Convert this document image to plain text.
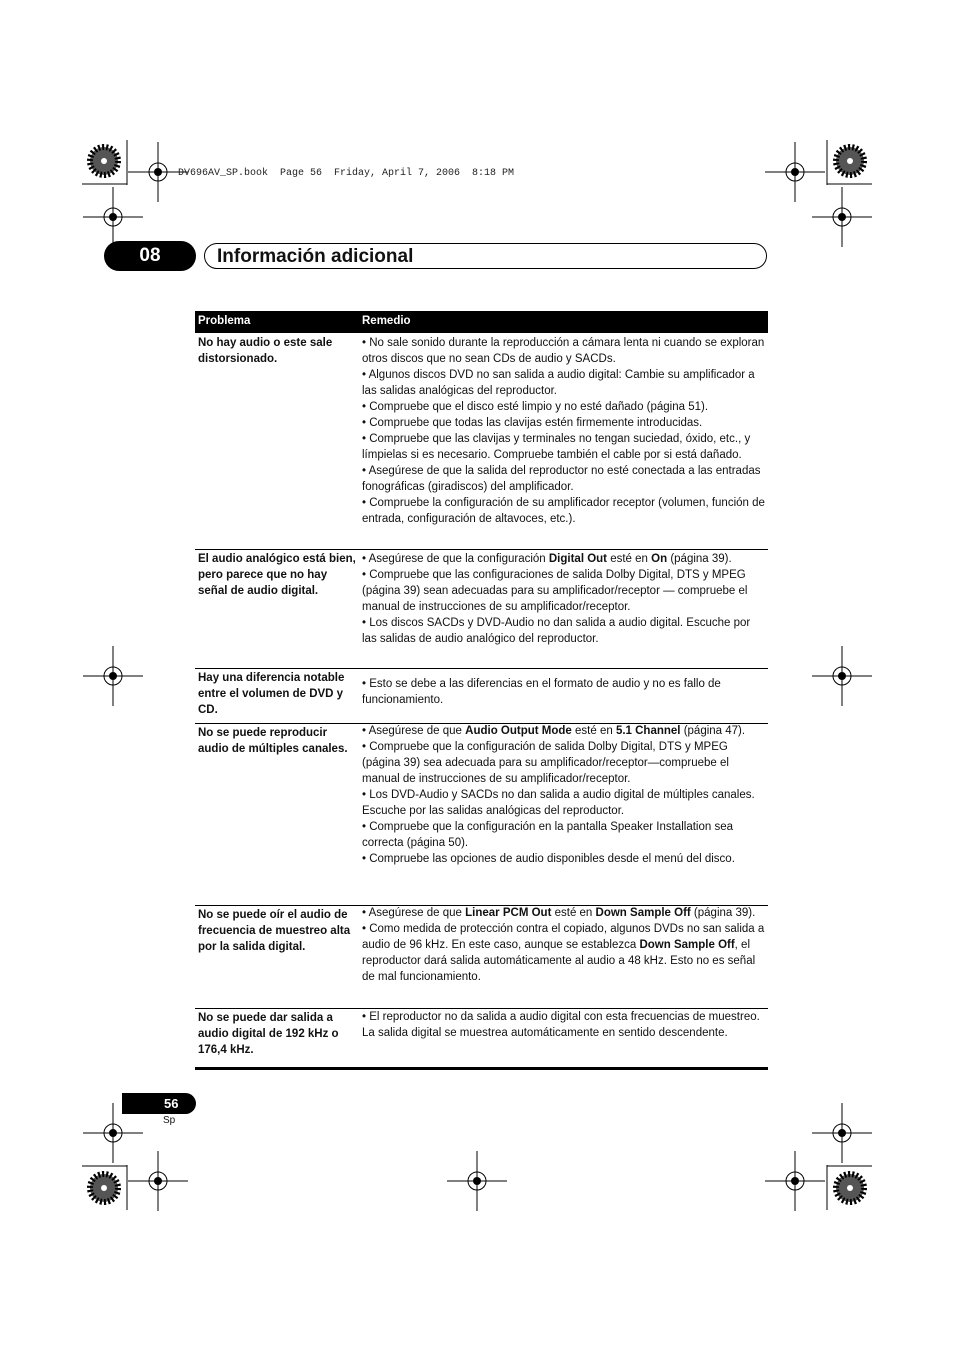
DV696AV_SP.book  Page 56  Friday, April 7, 2006  8:18 PM
08	Información adicional
Problema	Remedio
No hay audio o este sale distorsionado.
• No sale sonido durante la reproducción a cámara lenta ni cuando se exploran otros discos que no sean CDs de audio y SACDs.
• Algunos discos DVD no san salida a audio digital: Cambie su amplificador a las salidas analógicas del reproductor.
• Compruebe que el disco esté limpio y no esté dañado (página 51).
• Compruebe que todas las clavijas estén firmemente introducidas.
• Compruebe que las clavijas y terminales no tengan suciedad, óxido, etc., y límpielas si es necesario. Compruebe también el cable por si está dañado.
• Asegúrese de que la salida del reproductor no esté conectada a las entradas fonográficas (giradiscos) del amplificador.
• Compruebe la configuración de su amplificador receptor (volumen, función de entrada, configuración de altavoces, etc.).
El audio analógico está bien, pero parece que no hay señal de audio digital.
• Asegúrese de que la configuración Digital Out esté en On (página 39).
• Compruebe que las configuraciones de salida Dolby Digital, DTS y MPEG (página 39) sean adecuadas para su amplificador/receptor — compruebe el manual de instrucciones de su amplificador/receptor.
• Los discos SACDs y DVD-Audio no dan salida a audio digital. Escuche por las salidas de audio analógico del reproductor.
Hay una diferencia notable entre el volumen de DVD y CD.
• Esto se debe a las diferencias en el formato de audio y no es fallo de funcionamiento.
No se puede reproducir audio de múltiples canales.
• Asegúrese de que Audio Output Mode esté en 5.1 Channel (página 47).
• Compruebe que la configuración de salida Dolby Digital, DTS y MPEG (página 39) sea adecuada para su amplificador/receptor—compruebe el manual de instrucciones de su amplificador/receptor.
• Los DVD-Audio y SACDs no dan salida a audio digital de múltiples canales. Escuche por las salidas analógicas del reproductor.
• Compruebe que la configuración en la pantalla Speaker Installation sea correcta (página 50).
• Compruebe las opciones de audio disponibles desde el menú del disco.
No se puede oír el audio de frecuencia de muestreo alta por la salida digital.
• Asegúrese de que Linear PCM Out esté en Down Sample Off (página 39).
• Como medida de protección contra el copiado, algunos DVDs no san salida a audio de 96 kHz. En este caso, aunque se establezca Down Sample Off, el reproductor dará salida automáticamente al audio a 48 kHz. Esto no es señal de mal funcionamiento.
No se puede dar salida a audio digital de 192 kHz o 176,4 kHz.
• El reproductor no da salida a audio digital con esta frecuencias de muestreo. La salida digital se muestrea automáticamente en sentido descendente.
56
Sp
